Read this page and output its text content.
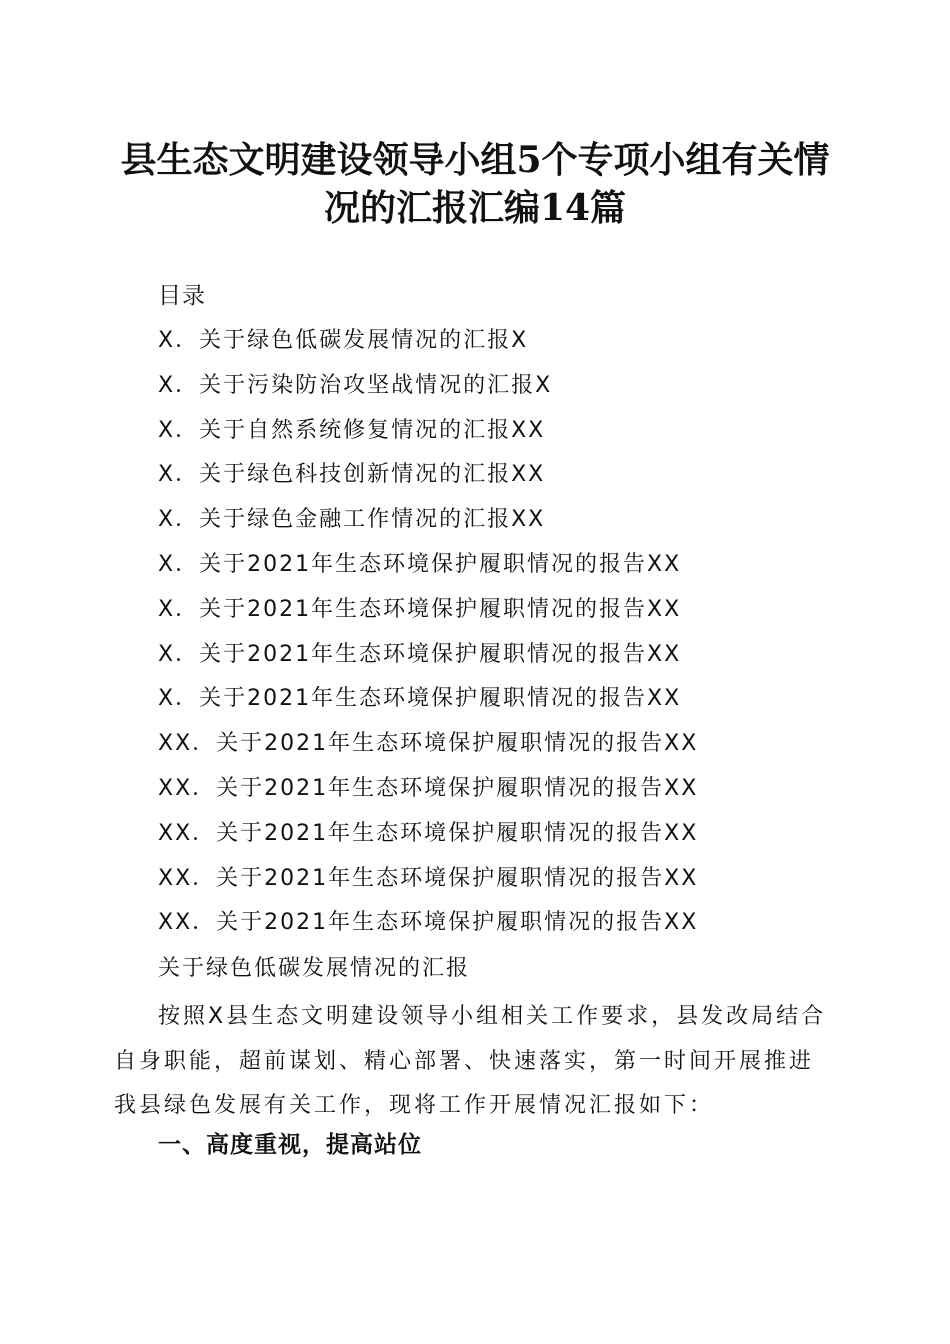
县生态文明建设领导小组5个专项小组有关情
况的汇报汇编14篇
目录
X．关于绿色低碳发展情况的汇报X
X．关于污染防治攻坚战情况的汇报X
X．关于自然系统修复情况的汇报XX
X．关于绿色科技创新情况的汇报XX
X．关于绿色金融工作情况的汇报XX
X．关于2021年生态环境保护履职情况的报告XX
X．关于2021年生态环境保护履职情况的报告XX
X．关于2021年生态环境保护履职情况的报告XX
X．关于2021年生态环境保护履职情况的报告XX
XX．关于2021年生态环境保护履职情况的报告XX
XX．关于2021年生态环境保护履职情况的报告XX
XX．关于2021年生态环境保护履职情况的报告XX
XX．关于2021年生态环境保护履职情况的报告XX
XX．关于2021年生态环境保护履职情况的报告XX
关于绿色低碳发展情况的汇报

按照X县生态文明建设领导小组相关工作要求，县发改局结合自身职能，超前谋划、精心部署、快速落实，第一时间开展推进我县绿色发展有关工作，现将工作开展情况汇报如下：

一、高度重视，提高站位
